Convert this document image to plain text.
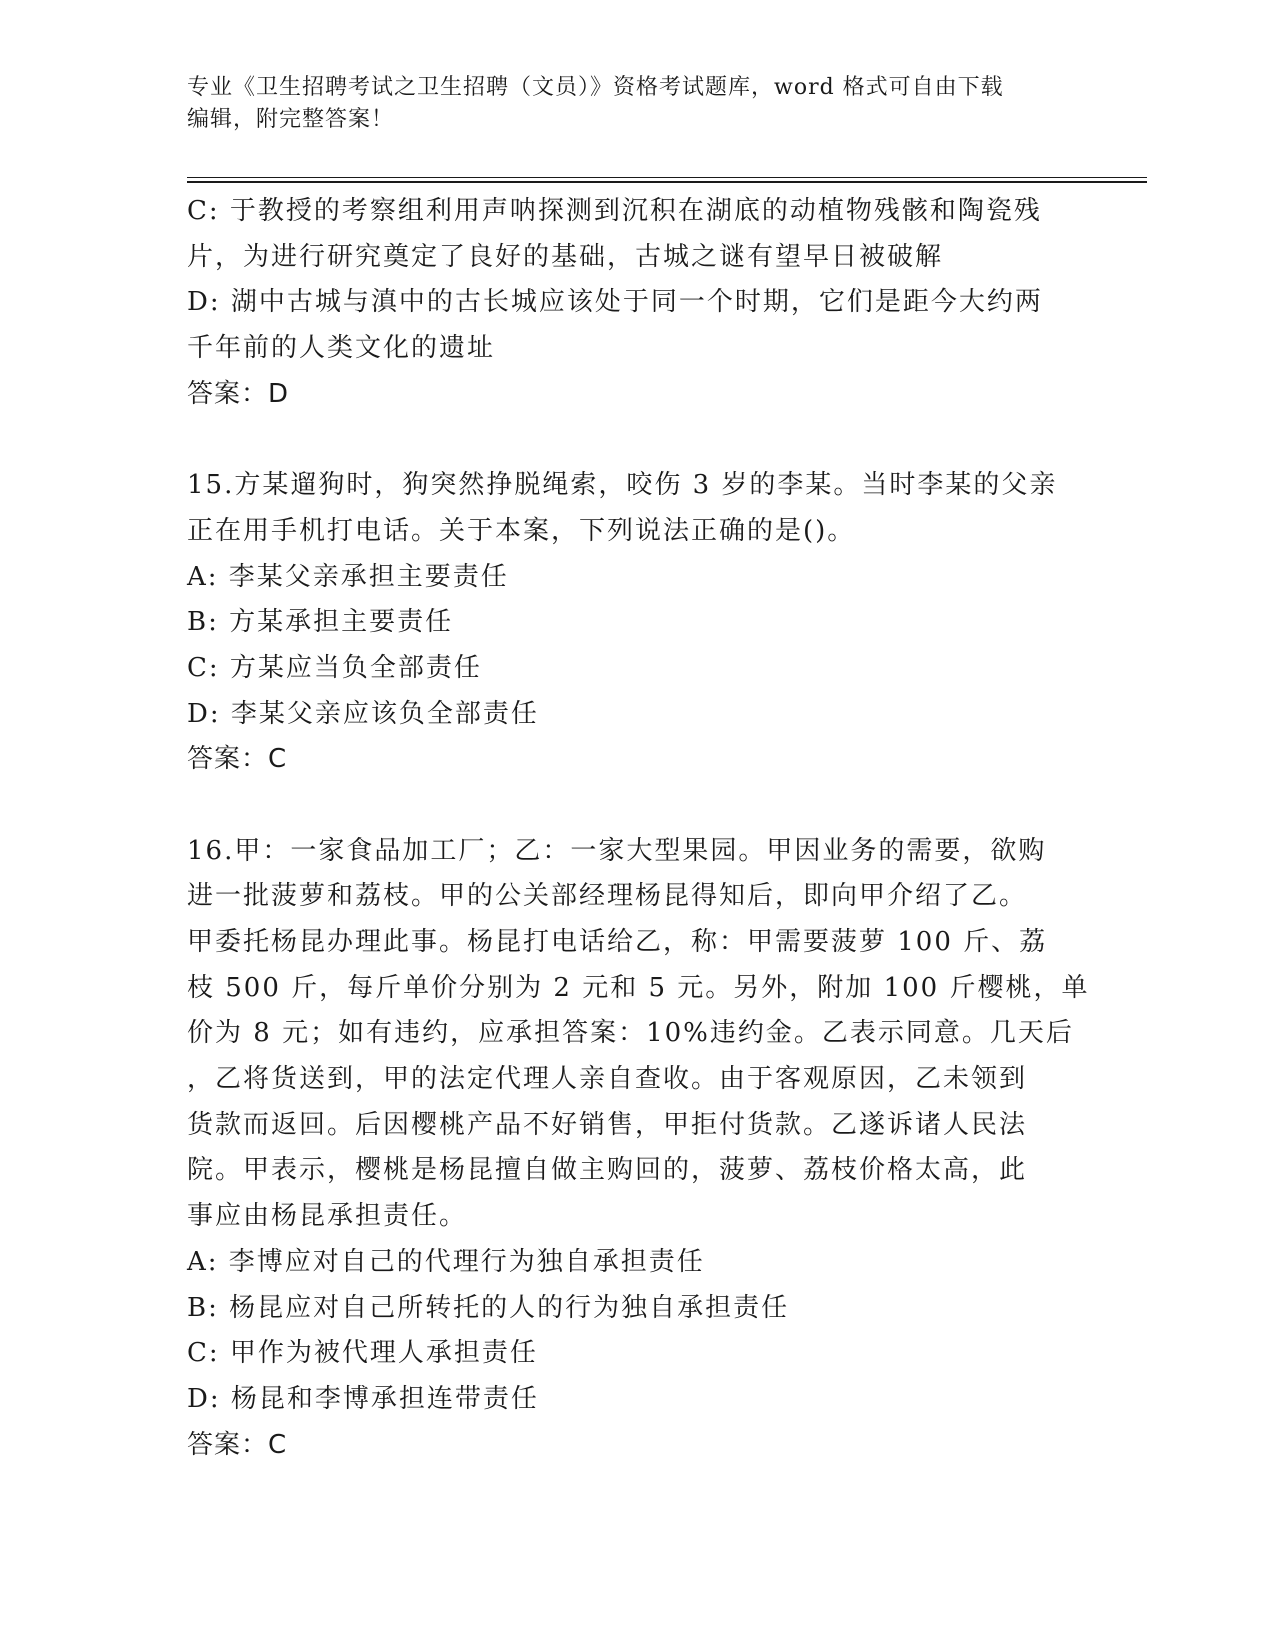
专业《卫生招聘考试之卫生招聘（文员）》资格考试题库，word 格式可自由下载
编辑，附完整答案！
C: 于教授的考察组利用声呐探测到沉积在湖底的动植物残骸和陶瓷残
片，为进行研究奠定了良好的基础，古城之谜有望早日被破解
D: 湖中古城与滇中的古长城应该处于同一个时期，它们是距今大约两
千年前的人类文化的遗址
答案：D
15.方某遛狗时，狗突然挣脱绳索，咬伤 3 岁的李某。当时李某的父亲
正在用手机打电话。关于本案，下列说法正确的是()。
A: 李某父亲承担主要责任
B: 方某承担主要责任
C: 方某应当负全部责任
D: 李某父亲应该负全部责任
答案：C
16.甲：一家食品加工厂；乙：一家大型果园。甲因业务的需要，欲购
进一批菠萝和荔枝。甲的公关部经理杨昆得知后，即向甲介绍了乙。
甲委托杨昆办理此事。杨昆打电话给乙，称：甲需要菠萝 100 斤、荔
枝 500 斤，每斤单价分别为 2 元和 5 元。另外，附加 100 斤樱桃，单
价为 8 元；如有违约，应承担答案：10%违约金。乙表示同意。几天后
，乙将货送到，甲的法定代理人亲自查收。由于客观原因，乙未领到
货款而返回。后因樱桃产品不好销售，甲拒付货款。乙遂诉诸人民法
院。甲表示，樱桃是杨昆擅自做主购回的，菠萝、荔枝价格太高，此
事应由杨昆承担责任。
A: 李博应对自己的代理行为独自承担责任
B: 杨昆应对自己所转托的人的行为独自承担责任
C: 甲作为被代理人承担责任
D: 杨昆和李博承担连带责任
答案：C
